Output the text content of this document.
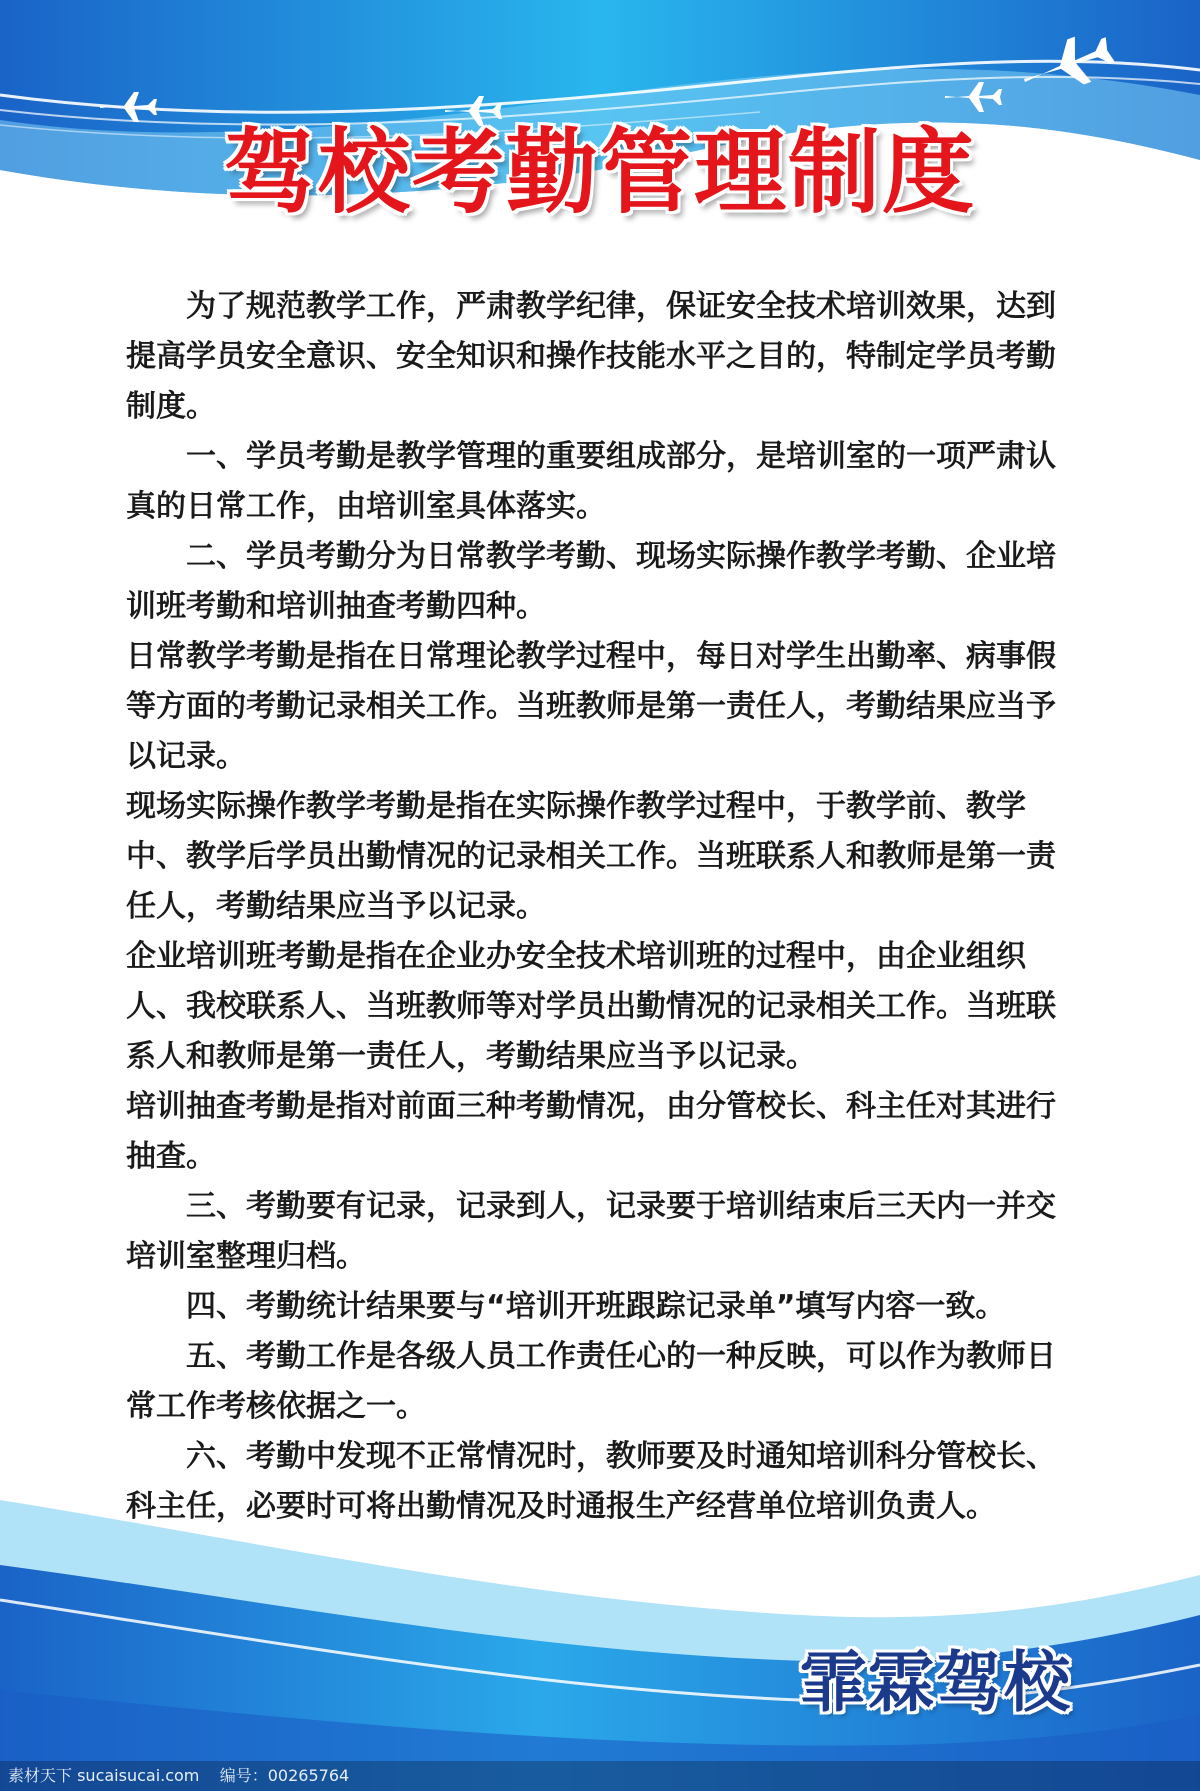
驾校考勤管理制度

为了规范教学工作，严肃教学纪律，保证安全技术培训效果，达到提高学员安全意识、安全知识和操作技能水平之目的，特制定学员考勤制度。

一、学员考勤是教学管理的重要组成部分，是培训室的一项严肃认真的日常工作，由培训室具体落实。

二、学员考勤分为日常教学考勤、现场实际操作教学考勤、企业培训班考勤和培训抽查考勤四种。

日常教学考勤是指在日常理论教学过程中，每日对学生出勤率、病事假等方面的考勤记录相关工作。当班教师是第一责任人，考勤结果应当予以记录。

现场实际操作教学考勤是指在实际操作教学过程中，于教学前、教学中、教学后学员出勤情况的记录相关工作。当班联系人和教师是第一责任人，考勤结果应当予以记录。

企业培训班考勤是指在企业办安全技术培训班的过程中，由企业组织人、我校联系人、当班教师等对学员出勤情况的记录相关工作。当班联系人和教师是第一责任人，考勤结果应当予以记录。

培训抽查考勤是指对前面三种考勤情况，由分管校长、科主任对其进行抽查。

三、考勤要有记录，记录到人，记录要于培训结束后三天内一并交培训室整理归档。

四、考勤统计结果要与“培训开班跟踪记录单”填写内容一致。

五、考勤工作是各级人员工作责任心的一种反映，可以作为教师日常工作考核依据之一。

六、考勤中发现不正常情况时，教师要及时通知培训科分管校长、科主任，必要时可将出勤情况及时通报生产经营单位培训负责人。

霏霖驾校
素材天下 sucaisucai.com    编号：00265764
